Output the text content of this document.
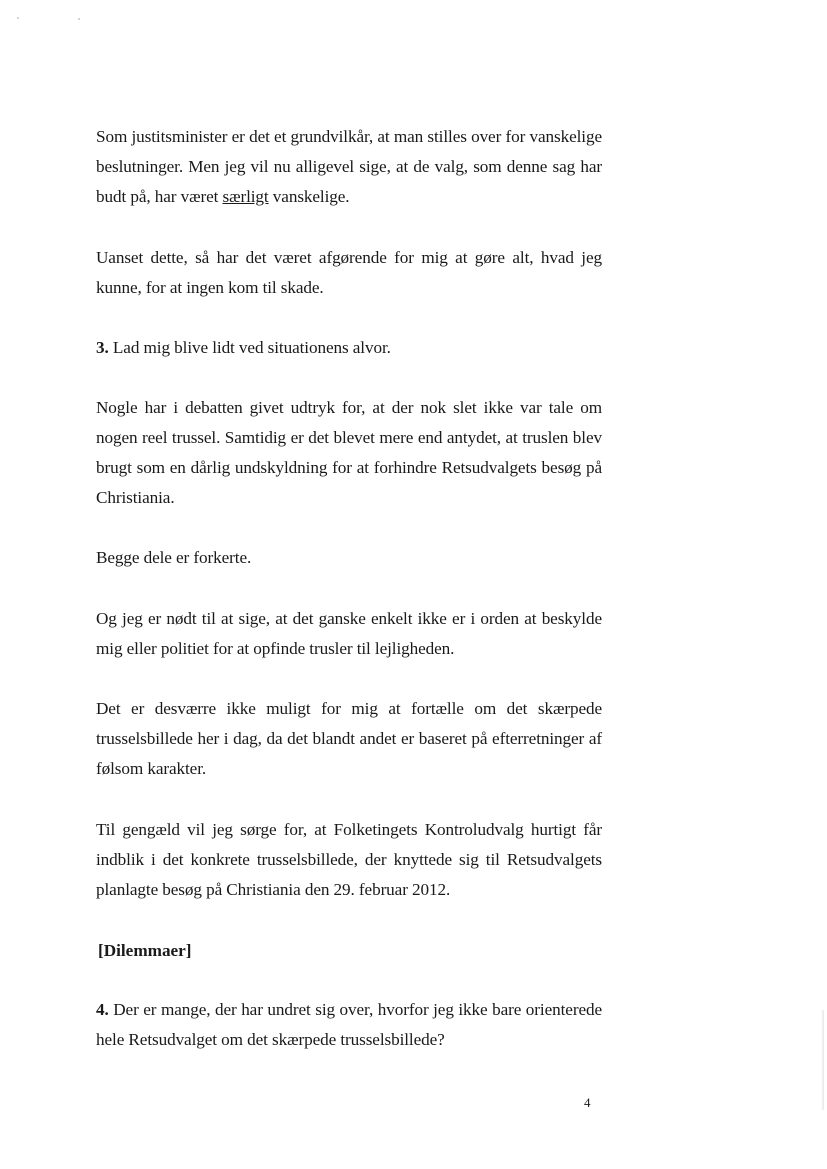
Som justitsminister er det et grundvilkår, at man stilles over for vanskelige beslutninger. Men jeg vil nu alligevel sige, at de valg, som denne sag har budt på, har været særligt vanskelige.

Uanset dette, så har det været afgørende for mig at gøre alt, hvad jeg kunne, for at ingen kom til skade.

3. Lad mig blive lidt ved situationens alvor.

Nogle har i debatten givet udtryk for, at der nok slet ikke var tale om nogen reel trussel. Samtidig er det blevet mere end antydet, at truslen blev brugt som en dårlig undskyldning for at forhindre Retsudvalgets besøg på Christiania.

Begge dele er forkerte.

Og jeg er nødt til at sige, at det ganske enkelt ikke er i orden at beskylde mig eller politiet for at opfinde trusler til lejligheden.

Det er desværre ikke muligt for mig at fortælle om det skærpede trusselsbillede her i dag, da det blandt andet er baseret på efterretninger af følsom karakter.

Til gengæld vil jeg sørge for, at Folketingets Kontroludvalg hurtigt får indblik i det konkrete trusselsbillede, der knyttede sig til Retsudvalgets planlagte besøg på Christiania den 29. februar 2012.

[Dilemmaer]

4. Der er mange, der har undret sig over, hvorfor jeg ikke bare orienterede hele Retsudvalget om det skærpede trusselsbillede?

4
